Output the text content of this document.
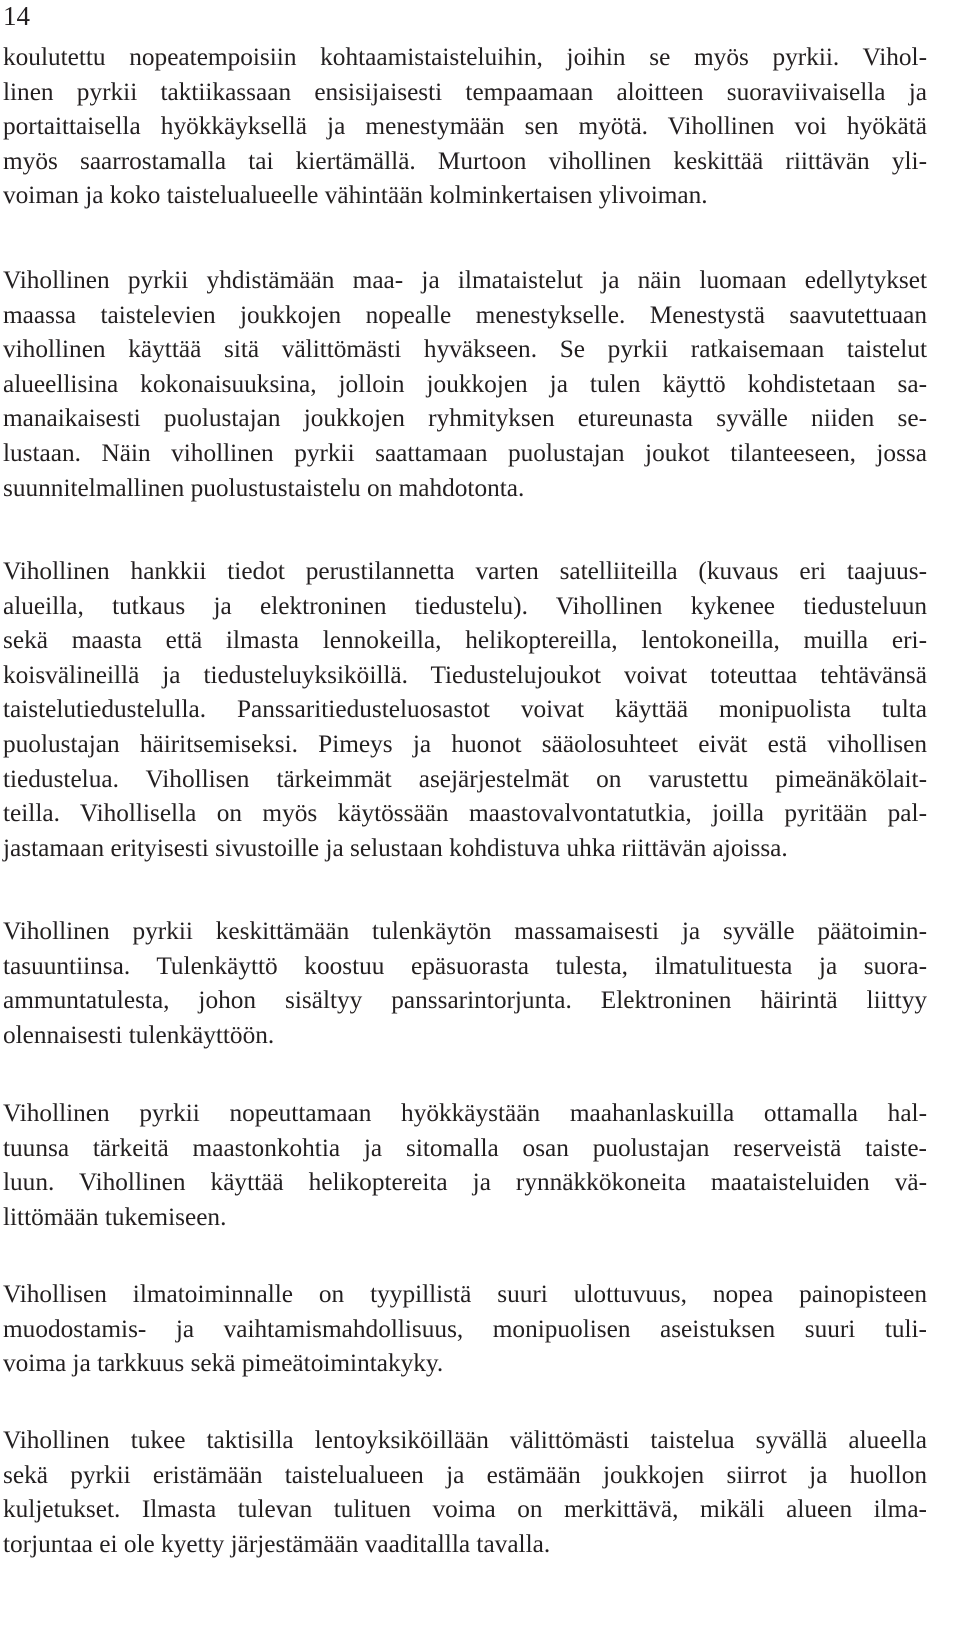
14
koulutettu nopeatempoisiin kohtaamistaisteluihin, joihin se myös pyrkii. Vihol-
linen pyrkii taktiikassaan ensisijaisesti tempaamaan aloitteen suoraviivaisella ja
portaittaisella hyökkäyksellä ja menestymään sen myötä. Vihollinen voi hyökätä
myös saarrostamalla tai kiertämällä. Murtoon vihollinen keskittää riittävän yli-
voiman ja koko taistelualueelle vähintään kolminkertaisen ylivoiman.
Vihollinen pyrkii yhdistämään maa- ja ilmataistelut ja näin luomaan edellytykset
maassa taistelevien joukkojen nopealle menestykselle. Menestystä saavutettuaan
vihollinen käyttää sitä välittömästi hyväkseen. Se pyrkii ratkaisemaan taistelut
alueellisina kokonaisuuksina, jolloin joukkojen ja tulen käyttö kohdistetaan sa-
manaikaisesti puolustajan joukkojen ryhmityksen etureunasta syvälle niiden se-
lustaan. Näin vihollinen pyrkii saattamaan puolustajan joukot tilanteeseen, jossa
suunnitelmallinen puolustustaistelu on mahdotonta.
Vihollinen hankkii tiedot perustilannetta varten satelliiteilla (kuvaus eri taajuus-
alueilla, tutkaus ja elektroninen tiedustelu). Vihollinen kykenee tiedusteluun
sekä maasta että ilmasta lennokeilla, helikoptereilla, lentokoneilla, muilla eri-
koisvälineillä ja tiedusteluyksiköillä. Tiedustelujoukot voivat toteuttaa tehtävänsä
taistelutiedustelulla. Panssaritiedusteluosastot voivat käyttää monipuolista tulta
puolustajan häiritsemiseksi. Pimeys ja huonot sääolosuhteet eivät estä vihollisen
tiedustelua. Vihollisen tärkeimmät asejärjestelmät on varustettu pimeänäkölait-
teilla. Vihollisella on myös käytössään maastovalvontatutkia, joilla pyritään pal-
jastamaan erityisesti sivustoille ja selustaan kohdistuva uhka riittävän ajoissa.
Vihollinen pyrkii keskittämään tulenkäytön massamaisesti ja syvälle päätoimin-
tasuuntiinsa. Tulenkäyttö koostuu epäsuorasta tulesta, ilmatulituesta ja suora-
ammuntatulesta, johon sisältyy panssarintorjunta. Elektroninen häirintä liittyy
olennaisesti tulenkäyttöön.
Vihollinen pyrkii nopeuttamaan hyökkäystään maahanlaskuilla ottamalla hal-
tuunsa tärkeitä maastonkohtia ja sitomalla osan puolustajan reserveistä taiste-
luun. Vihollinen käyttää helikoptereita ja rynnäkkökoneita maataisteluiden vä-
littömään tukemiseen.
Vihollisen ilmatoiminnalle on tyypillistä suuri ulottuvuus, nopea painopisteen
muodostamis- ja vaihtamismahdollisuus, monipuolisen aseistuksen suuri tuli-
voima ja tarkkuus sekä pimeätoimintakyky.
Vihollinen tukee taktisilla lentoyksiköillään välittömästi taistelua syvällä alueella
sekä pyrkii eristämään taistelualueen ja estämään joukkojen siirrot ja huollon
kuljetukset. Ilmasta tulevan tulituen voima on merkittävä, mikäli alueen ilma-
torjuntaa ei ole kyetty järjestämään vaaditallla tavalla.
